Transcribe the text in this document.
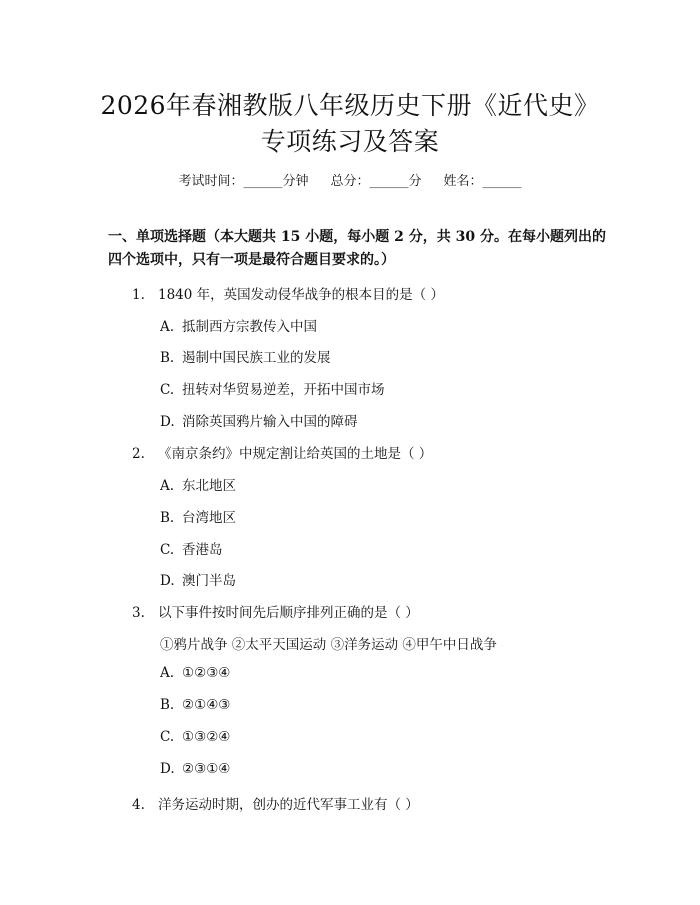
2026年春湘教版八年级历史下册《近代史》
专项练习及答案
考试时间：______分钟 总分：______分 姓名：______
一、单项选择题（本大题共 15 小题，每小题 2 分，共 30 分。在每小题列出的四个选项中，只有一项是最符合题目要求的。）
1. 1840 年，英国发动侵华战争的根本目的是（ ）
A. 抵制西方宗教传入中国
B. 遏制中国民族工业的发展
C. 扭转对华贸易逆差，开拓中国市场
D. 消除英国鸦片输入中国的障碍
2. 《南京条约》中规定割让给英国的土地是（ ）
A. 东北地区
B. 台湾地区
C. 香港岛
D. 澳门半岛
3. 以下事件按时间先后顺序排列正确的是（ ）
①鸦片战争 ②太平天国运动 ③洋务运动 ④甲午中日战争
A. ①②③④
B. ②①④③
C. ①③②④
D. ②③①④
4. 洋务运动时期，创办的近代军事工业有（ ）
